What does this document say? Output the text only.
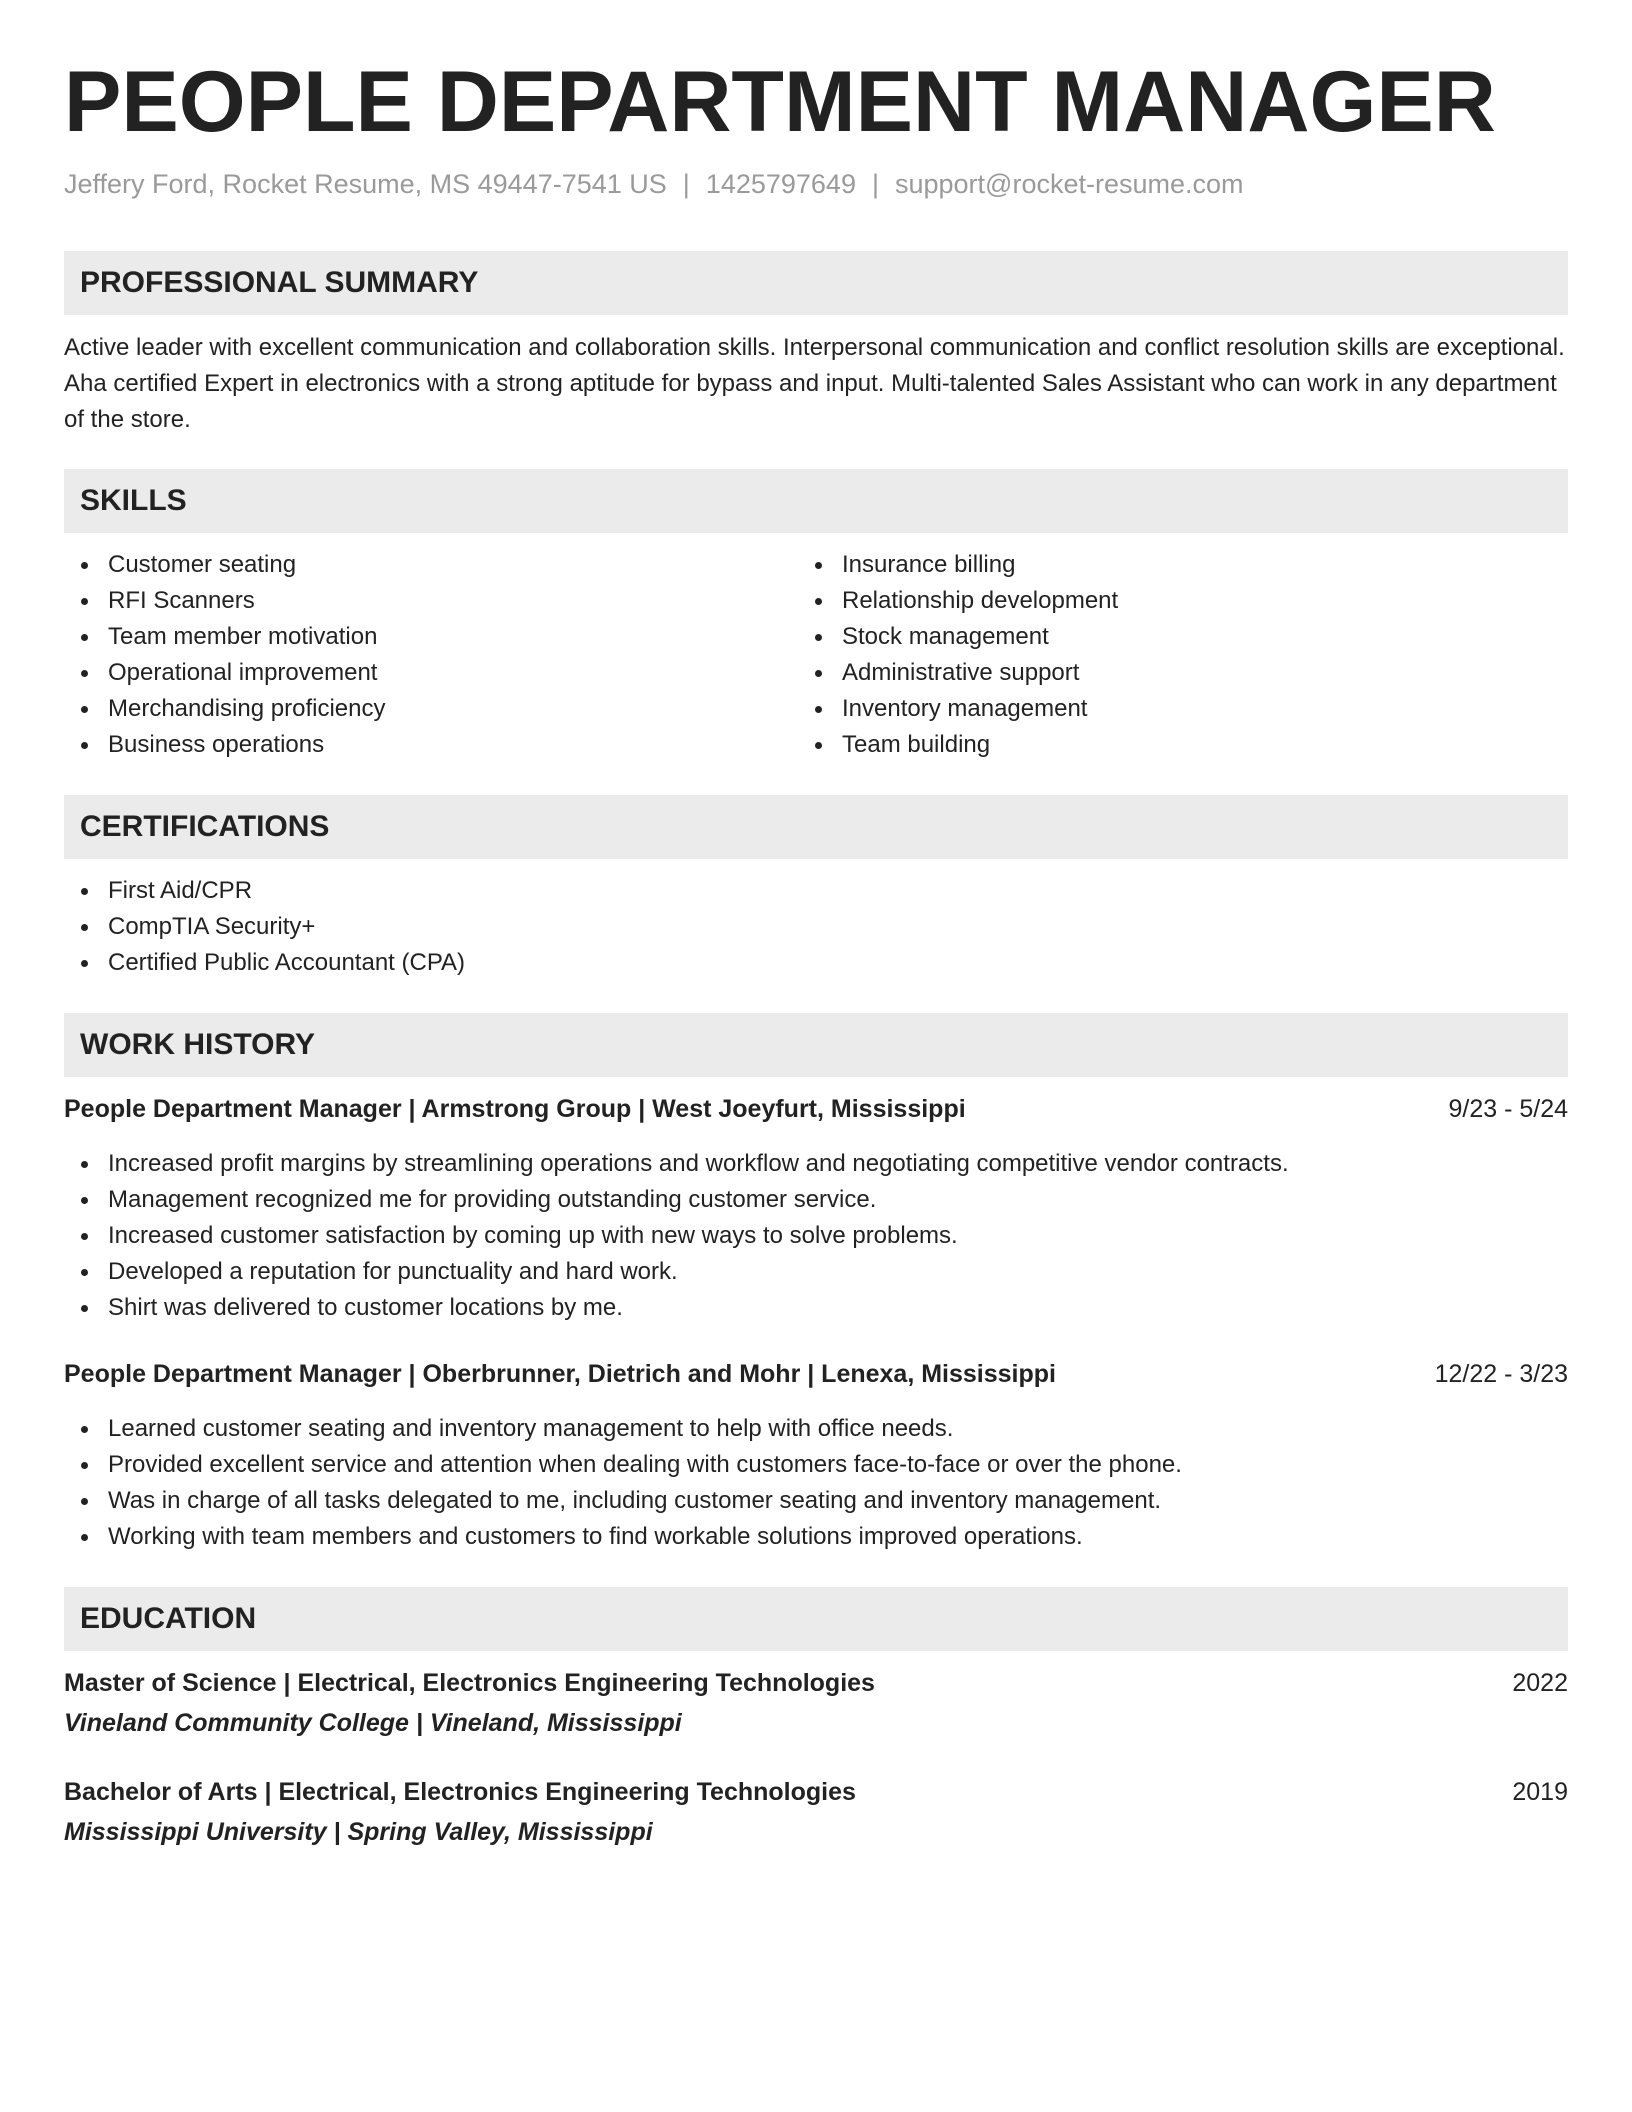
PEOPLE DEPARTMENT MANAGER
Jeffery Ford, Rocket Resume, MS 49447-7541 US | 1425797649 | support@rocket-resume.com
PROFESSIONAL SUMMARY
Active leader with excellent communication and collaboration skills. Interpersonal communication and conflict resolution skills are exceptional. Aha certified Expert in electronics with a strong aptitude for bypass and input. Multi-talented Sales Assistant who can work in any department of the store.
SKILLS
Customer seating
RFI Scanners
Team member motivation
Operational improvement
Merchandising proficiency
Business operations
Insurance billing
Relationship development
Stock management
Administrative support
Inventory management
Team building
CERTIFICATIONS
First Aid/CPR
CompTIA Security+
Certified Public Accountant (CPA)
WORK HISTORY
People Department Manager | Armstrong Group | West Joeyfurt, Mississippi	9/23 - 5/24
Increased profit margins by streamlining operations and workflow and negotiating competitive vendor contracts.
Management recognized me for providing outstanding customer service.
Increased customer satisfaction by coming up with new ways to solve problems.
Developed a reputation for punctuality and hard work.
Shirt was delivered to customer locations by me.
People Department Manager | Oberbrunner, Dietrich and Mohr | Lenexa, Mississippi	12/22 - 3/23
Learned customer seating and inventory management to help with office needs.
Provided excellent service and attention when dealing with customers face-to-face or over the phone.
Was in charge of all tasks delegated to me, including customer seating and inventory management.
Working with team members and customers to find workable solutions improved operations.
EDUCATION
Master of Science | Electrical, Electronics Engineering Technologies	2022
Vineland Community College | Vineland, Mississippi
Bachelor of Arts | Electrical, Electronics Engineering Technologies	2019
Mississippi University | Spring Valley, Mississippi
